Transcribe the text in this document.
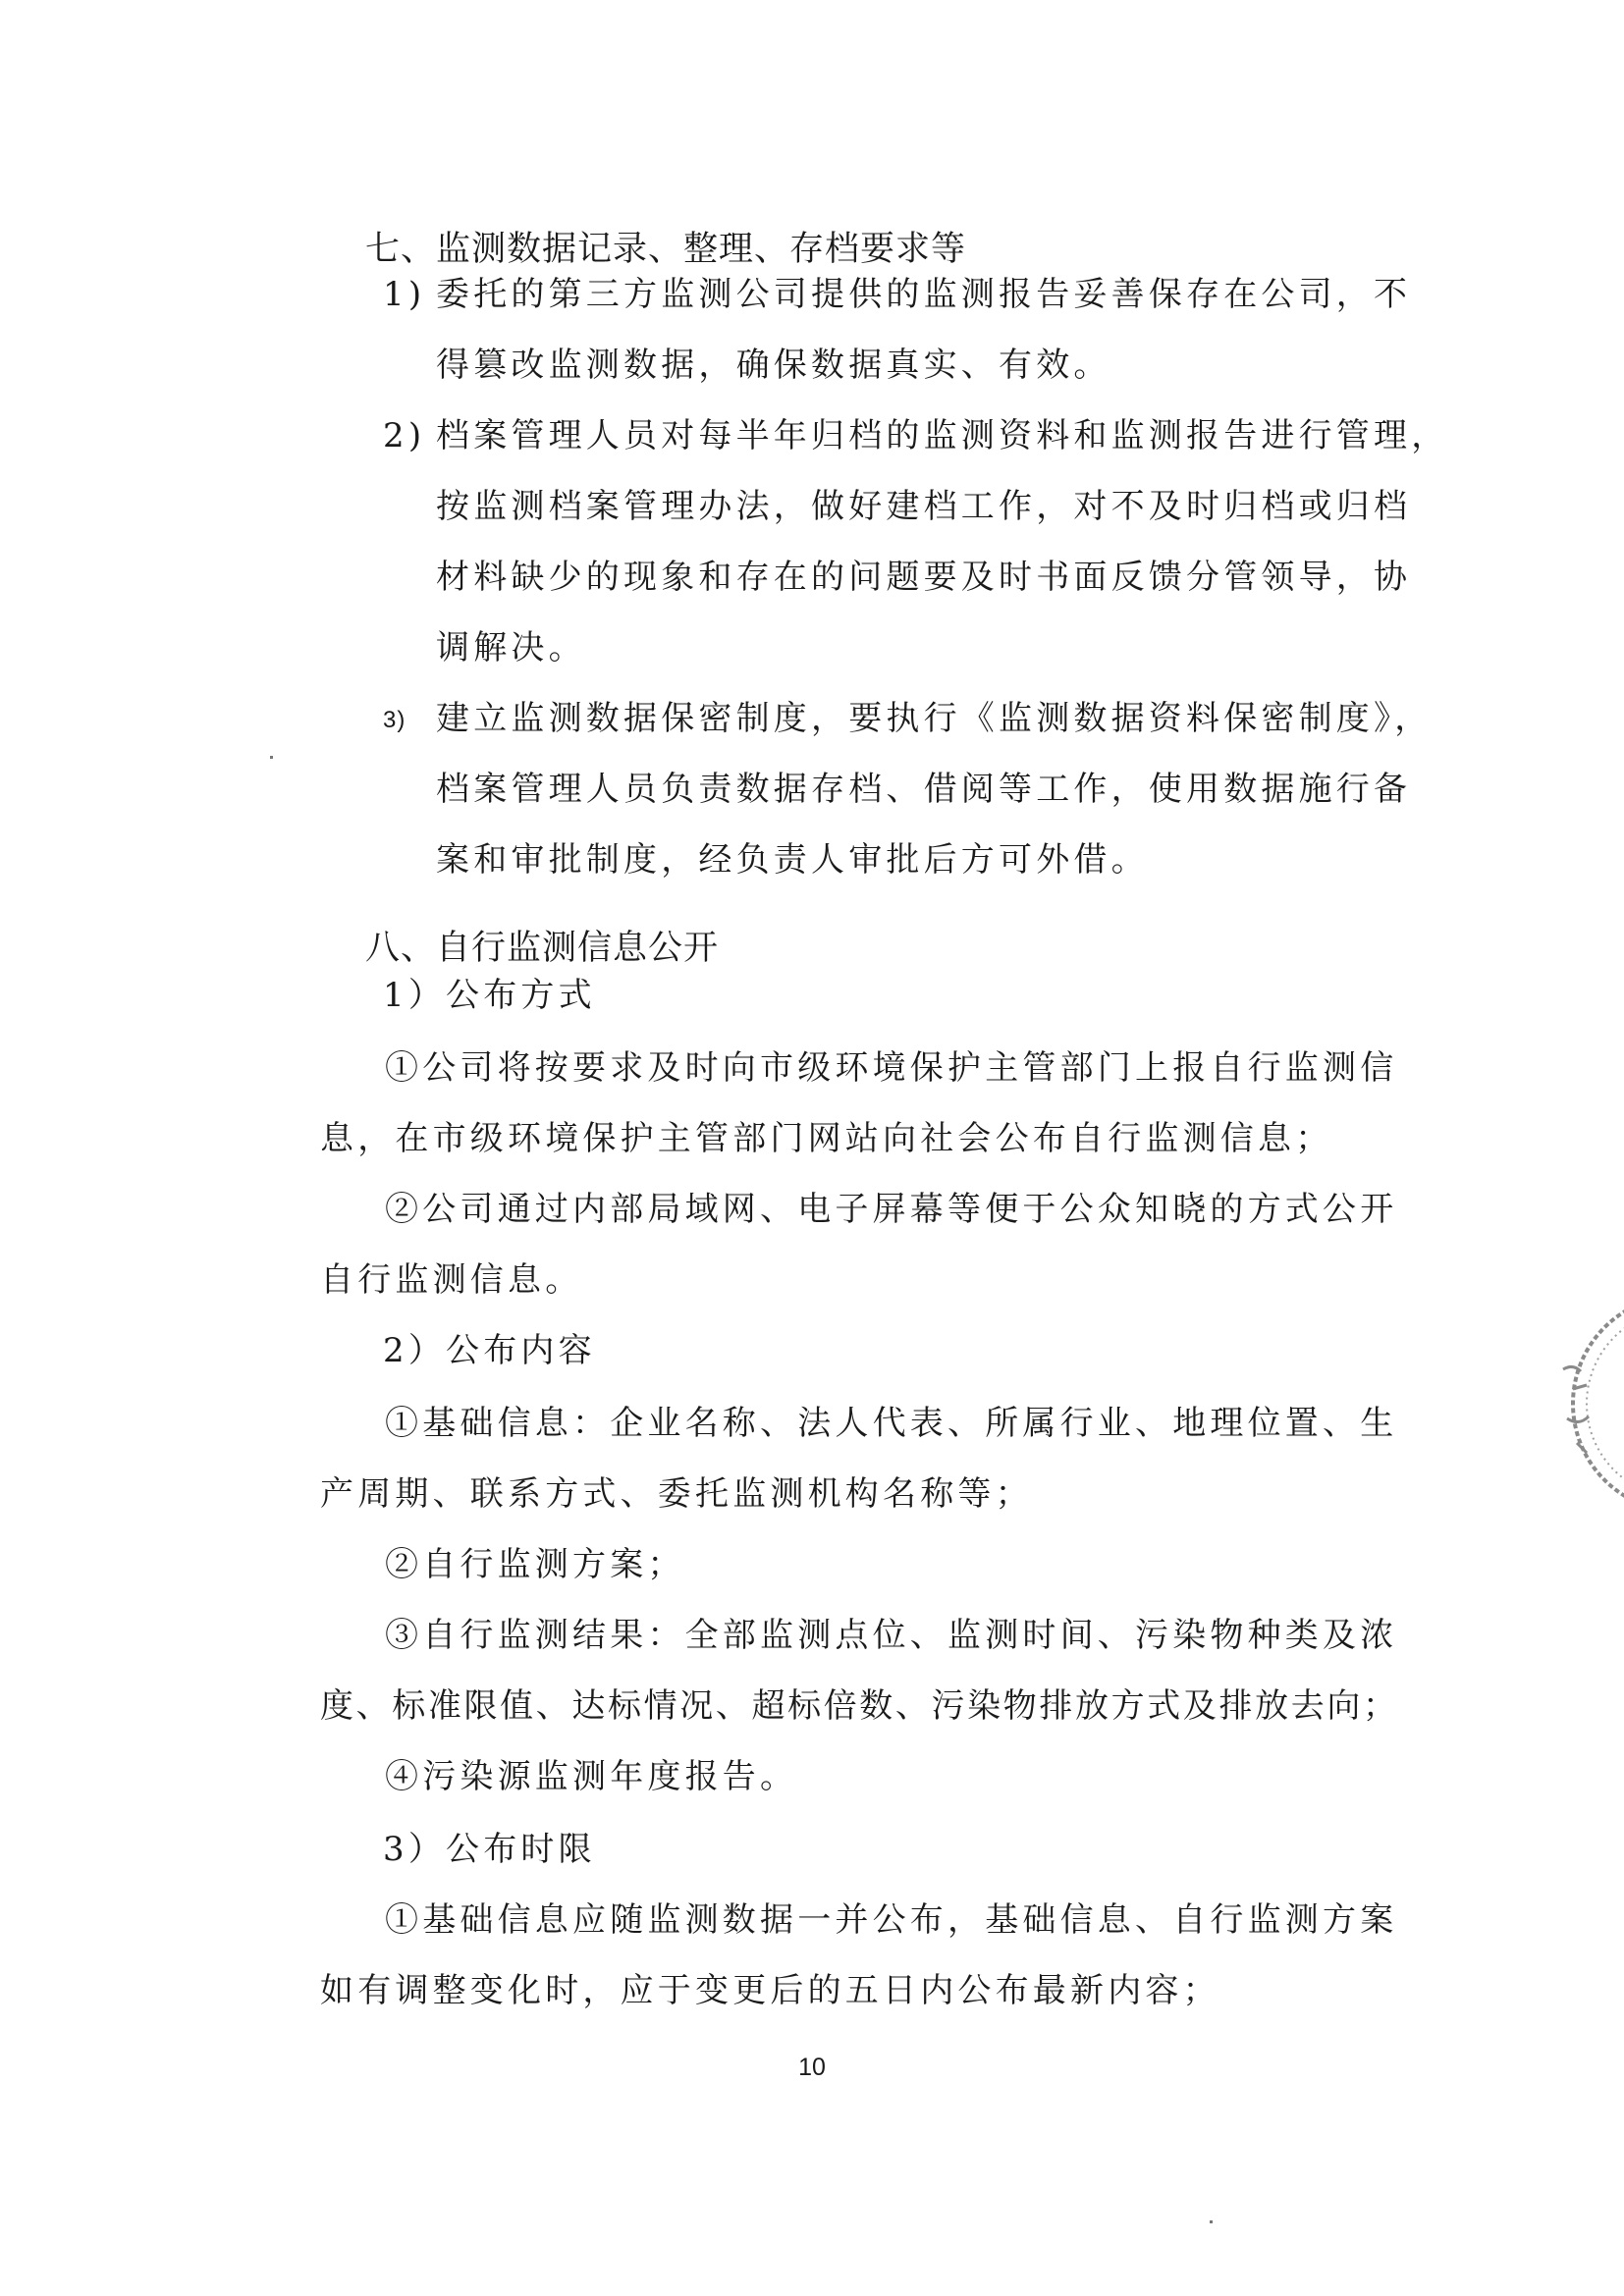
七、监测数据记录、整理、存档要求等
1) 委托的第三方监测公司提供的监测报告妥善保存在公司，不
得篡改监测数据，确保数据真实、有效。
2) 档案管理人员对每半年归档的监测资料和监测报告进行管理，
按监测档案管理办法，做好建档工作，对不及时归档或归档
材料缺少的现象和存在的问题要及时书面反馈分管领导，协
调解决。
3) 建立监测数据保密制度，要执行《监测数据资料保密制度》，
档案管理人员负责数据存档、借阅等工作，使用数据施行备
案和审批制度，经负责人审批后方可外借。
八、自行监测信息公开
1）公布方式
①公司将按要求及时向市级环境保护主管部门上报自行监测信
息，在市级环境保护主管部门网站向社会公布自行监测信息；
②公司通过内部局域网、电子屏幕等便于公众知晓的方式公开
自行监测信息。
2）公布内容
①基础信息：企业名称、法人代表、所属行业、地理位置、生
产周期、联系方式、委托监测机构名称等；
②自行监测方案；
③自行监测结果：全部监测点位、监测时间、污染物种类及浓
度、标准限值、达标情况、超标倍数、污染物排放方式及排放去向；
④污染源监测年度报告。
3）公布时限
①基础信息应随监测数据一并公布，基础信息、自行监测方案
如有调整变化时，应于变更后的五日内公布最新内容；
10
